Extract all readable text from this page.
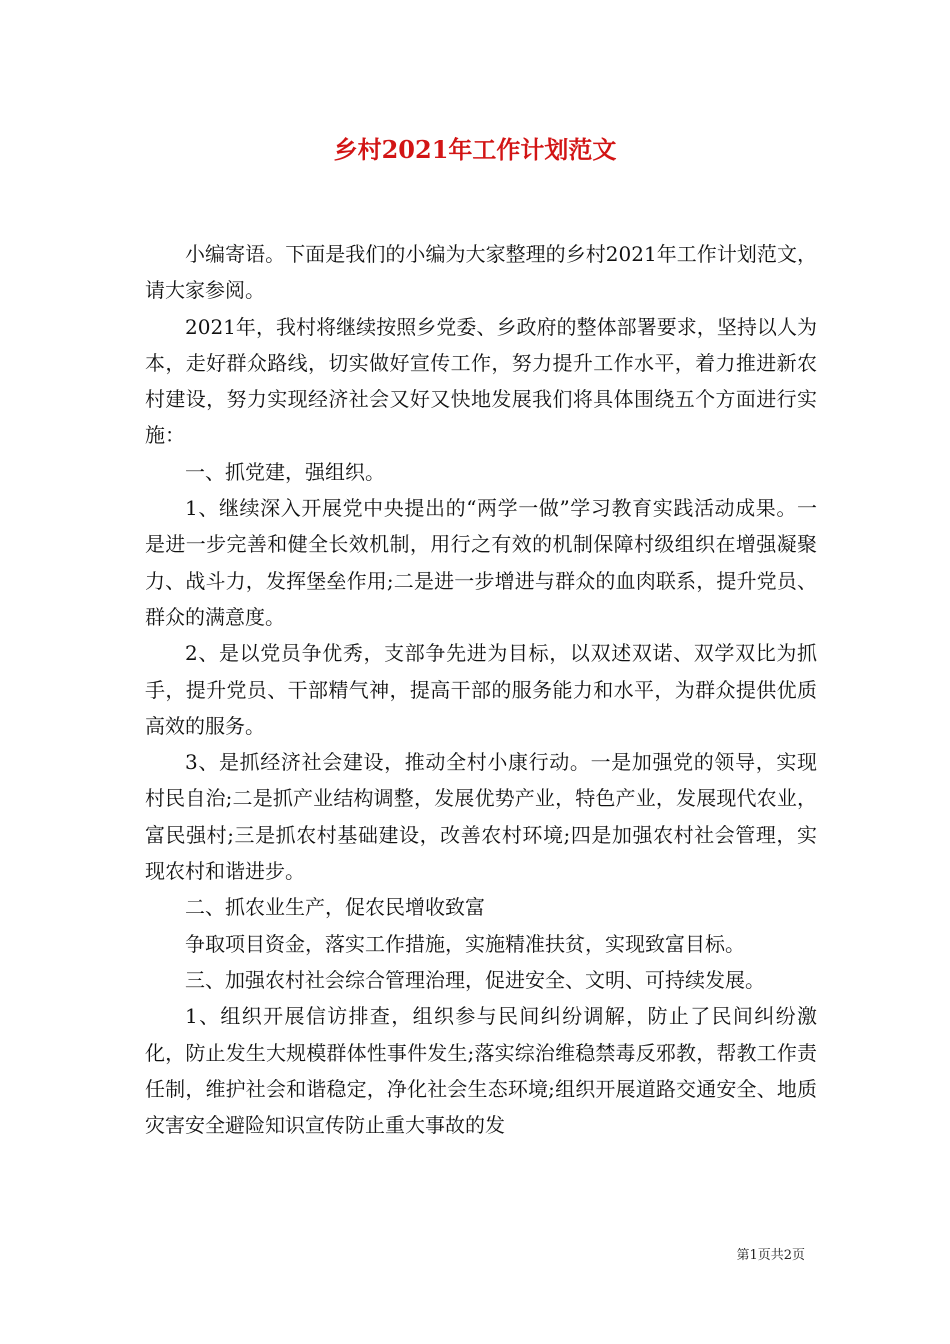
乡村2021年工作计划范文

小编寄语。下面是我们的小编为大家整理的乡村2021年工作计划范文，请大家参阅。

2021年，我村将继续按照乡党委、乡政府的整体部署要求，坚持以人为本，走好群众路线，切实做好宣传工作，努力提升工作水平，着力推进新农村建设，努力实现经济社会又好又快地发展我们将具体围绕五个方面进行实施：

一、抓党建，强组织。

1、继续深入开展党中央提出的“两学一做”学习教育实践活动成果。一是进一步完善和健全长效机制，用行之有效的机制保障村级组织在增强凝聚力、战斗力，发挥堡垒作用;二是进一步增进与群众的血肉联系，提升党员、群众的满意度。

2、是以党员争优秀，支部争先进为目标，以双述双诺、双学双比为抓手，提升党员、干部精气神，提高干部的服务能力和水平，为群众提供优质高效的服务。

3、是抓经济社会建设，推动全村小康行动。一是加强党的领导，实现村民自治;二是抓产业结构调整，发展优势产业，特色产业，发展现代农业，富民强村;三是抓农村基础建设，改善农村环境;四是加强农村社会管理，实现农村和谐进步。

二、抓农业生产，促农民增收致富

争取项目资金，落实工作措施，实施精准扶贫，实现致富目标。

三、加强农村社会综合管理治理，促进安全、文明、可持续发展。

1、组织开展信访排查，组织参与民间纠纷调解，防止了民间纠纷激化，防止发生大规模群体性事件发生;落实综治维稳禁毒反邪教，帮教工作责任制，维护社会和谐稳定，净化社会生态环境;组织开展道路交通安全、地质灾害安全避险知识宣传防止重大事故的发

第1页共2页
